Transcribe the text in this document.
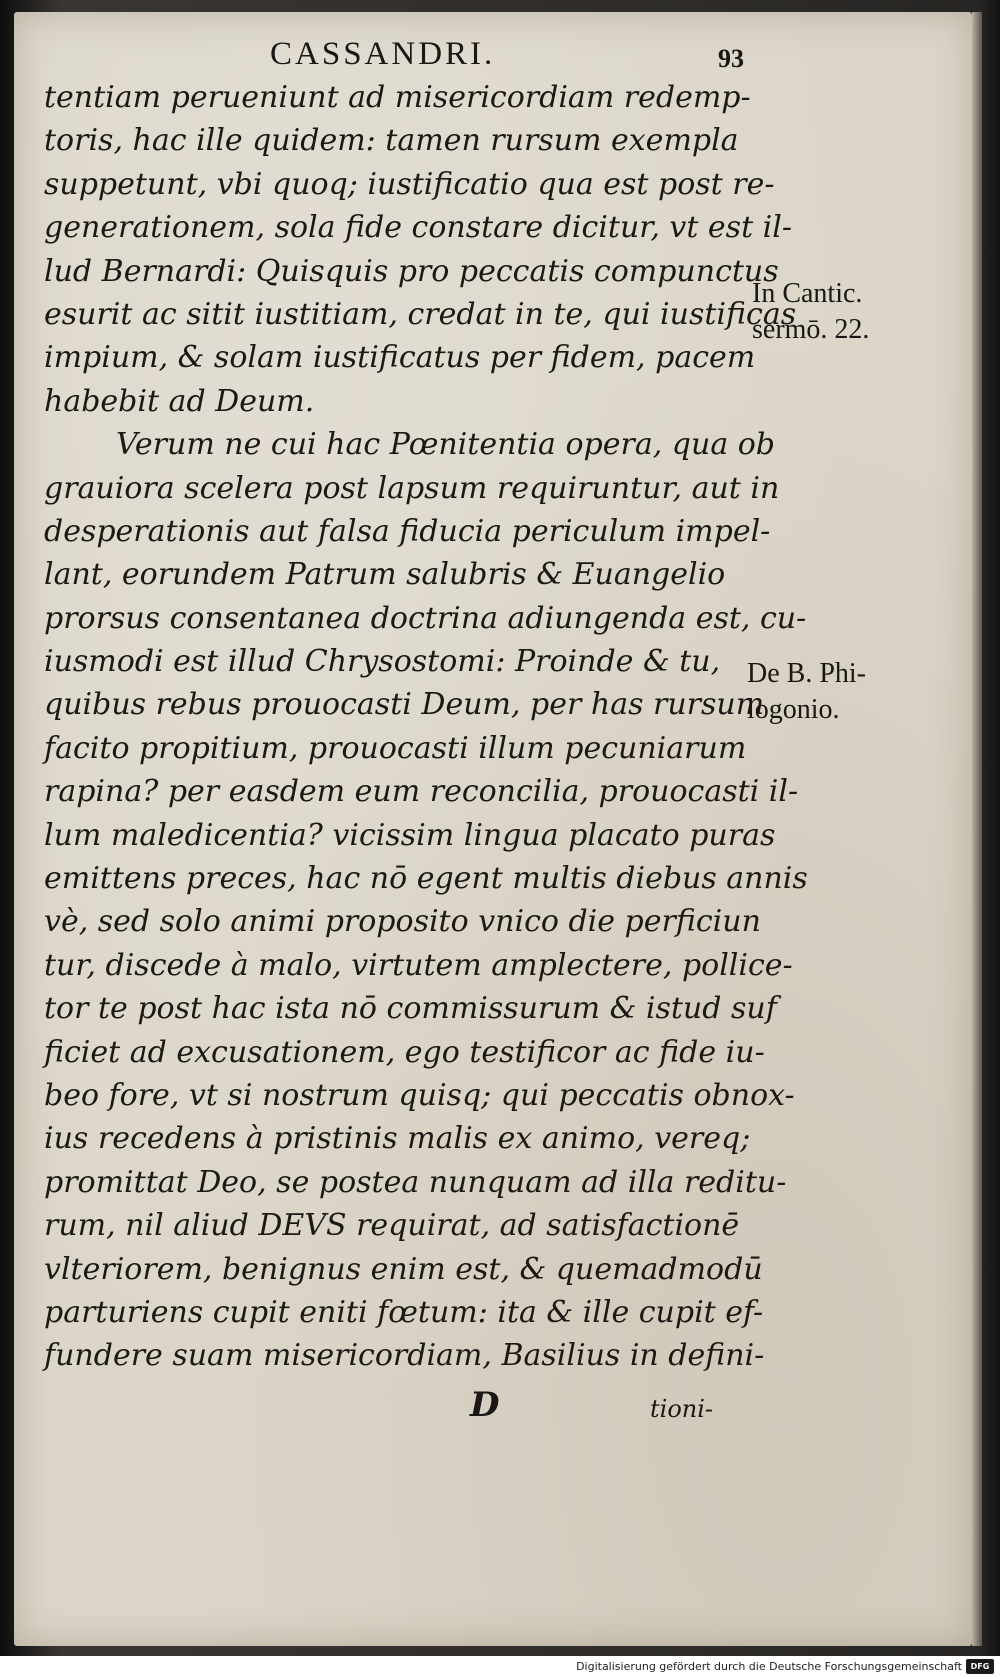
CASSANDRI.	93
tentiam perueniunt ad misericordiam redemp-
toris, hac ille quidem: tamen rursum exempla
suppetunt, vbi quoq; iustificatio qua est post re-
generationem, sola fide constare dicitur, vt est il-
lud Bernardi: Quisquis pro peccatis compunctus
esurit ac sitit iustitiam, credat in te, qui iustificas
impium, & solam iustificatus per fidem, pacem
habebit ad Deum.
Verum ne cui hac Pœnitentia opera, qua ob
grauiora scelera post lapsum requiruntur, aut in
desperationis aut falsa fiducia periculum impel-
lant, eorundem Patrum salubris & Euangelio
prorsus consentanea doctrina adiungenda est, cu-
iusmodi est illud Chrysostomi: Proinde & tu,
quibus rebus prouocasti Deum, per has rursum
facito propitium, prouocasti illum pecuniarum
rapina? per easdem eum reconcilia, prouocasti il-
lum maledicentia? vicissim lingua placato puras
emittens preces, hac nō egent multis diebus annis
vè, sed solo animi proposito vnico die perficiun
tur, discede à malo, virtutem amplectere, pollice-
tor te post hac ista nō commissurum & istud suf
ficiet ad excusationem, ego testificor ac fide iu-
beo fore, vt si nostrum quisq; qui peccatis obnox-
ius recedens à pristinis malis ex animo, vereq;
promittat Deo, se postea nunquam ad illa reditu-
rum, nil aliud DEVS requirat, ad satisfactionē
vlteriorem, benignus enim est, & quemadmodū
parturiens cupit eniti fœtum: ita & ille cupit ef-
fundere suam misericordiam, Basilius in defini-
In Cantic.
sermō. 22.
De B. Phi-
logonio.
D	tioni-
Digitalisierung gefördert durch die Deutsche Forschungsgemeinschaft	DFG
